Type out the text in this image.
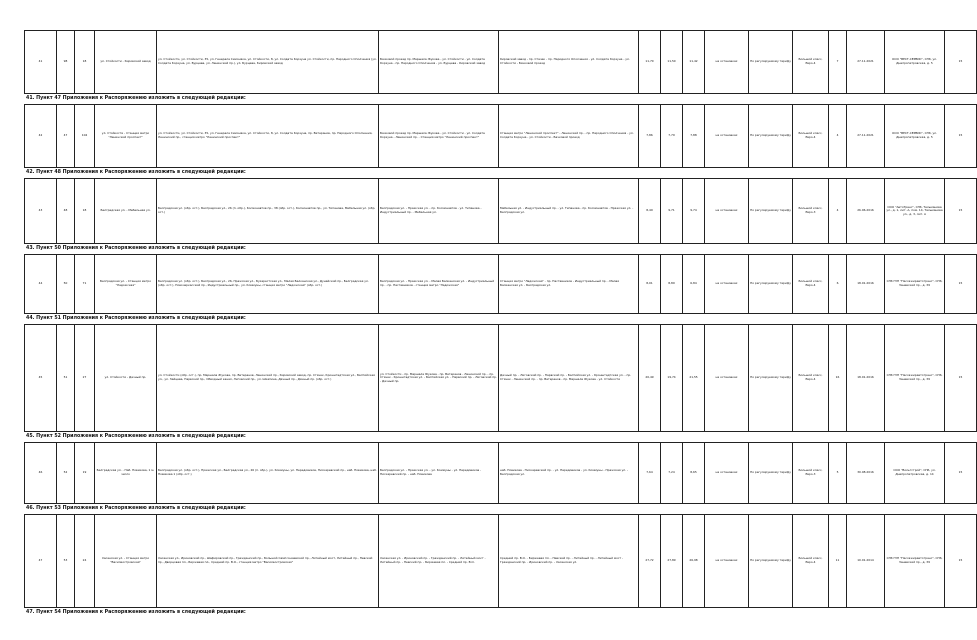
41	98	18	ул. Стойкости - Кировский завод	ул. Стойкости, ул. Стойкости, 35, ул. Генерала Симоняка, ул. Стойкости, 8, ул. Солдата Корзуна ул. Стойкости, пр. Народного Ополчения (ул. Солдата Корзуна, ул. Бурцева, ул. Ленинский пр.), ул. Бурцева, Кировский завод	Бачковой проезд пр. Маршала Жукова - ул. Стойкости - ул. Солдата Корзуна - пр. Народного Ополчения - ул. Бурцева - Кировский завод	Кировский завод - пр. Стачек - пр. Народного Ополчения - ул. Солдата Корзуна - ул. Стойкости - Бачковой проезд	11,70	11,50	11,42	на остановках	По регулируемому тарифу	Большой класс, Евро-4	7	27.11.2021	ООО "ВЕСТ-СЕРВИС", СПб, ул. Днепропетровская, д. 5	15
41. Пункт 47 Приложения к Распоряжению изложить в следующей редакции:
42	47	104	ул. Стойкости - Станция метро "Ленинский проспект"	ул. Стойкости, ул. Стойкости, 35, ул. Генерала Симоняка, ул. Стойкости, 8, ул. Солдата Корзуна, пр. Ветеранов, пр. Народного Ополчения, Ленинский пр., станция метро "Ленинский проспект"	Бачковой проезд пр. Маршала Жукова - ул. Стойкости - ул. Солдата Корзуна - Ленинский пр. - Станция метро "Ленинский проспект"	Станция метро "Ленинский проспект" - Ленинский пр. - пр. Народного Ополчения - ул. Солдата Корзуна - ул. Стойкости - Бачковой проезд	7,86	7,79	7,88	на остановках	По регулируемому тарифу	Большой класс, Евро-4	4	27.11.2021	ООО "ВЕСТ-СЕРВИС", СПб, ул. Днепропетровская, д. 5	15
42. Пункт 48 Приложения к Распоряжению изложить в следующей редакции:
43	48	18	Белградская ул. - Мебельная ул.	Белградская ул. (обр. ост.), Белградская ул., 26 (п. обр.), Космонавтов пр., 38 (обр. ост.), Космонавтов пр., ул. Типанова, Мебельная ул. (обр. ост.)	Белградская ул. - Пражская ул. - пр. Космонавтов - ул. Типанова - Индустриальный пр. - Мебельная ул.	Мебельная ул. - Индустриальный пр. - ул. Типанова - пр. Космонавтов - Пражская ул. - Белградская ул.	8,49	9,71	9,74	на остановках	По регулируемому тарифу	Большой класс, Евро-3	4	26.06.2016	ООО "АвтоТранс", СПб, Тельманова ул., д. 1, лит. А, пом. 14, Тельманова ул., д. 3, лит. А	15
43. Пункт 50 Приложения к Распоряжению изложить в следующей редакции:
44	50	71	Белградская ул. - Станция метро "Ладожская"	Белградская ул. (обр. ост.), Белградская ул., 26, Пражская ул., Бухарестская ул., Малая Балканская ул., Дунайский пр., Белградская ул. (обр. ост.), Новочеркасский пр., Индустриальный пр., ул. Коммуны, станция метро "Ладожская" (обр. ост.)	Белградская ул. - Пражская ул. - Малая Балканская ул. - Индустриальный пр. - пр. Наставников - станция метро "Ладожская"	Станция метро "Ладожская" - пр. Наставников - Индустриальный пр. - Малая Балканская ул. - Белградская ул.	8,01	8,89	6,84	на остановках	По регулируемому тарифу	Большой класс, Евро-4	6	18.01.2016	СПб ГУП "Пассажиравтотранс", СПб, Заневский пр., д. 39	15
44. Пункт 51 Приложения к Распоряжению изложить в следующей редакции:
45	51	27	ул. Стойкости - Дачный пр.	ул. Стойкости (обр. ост.), пр. Маршала Жукова, пр. Ветеранов, Ленинский пр., Кировский завод, пр. Стачек, Кронштадтская ул., Балтийская ул., ул. Зайцева, Нарвский пр., Обводный канал, Лиговский пр., ул. Шкапина, Дачный пр., Дачный пр. (обр. ост.)	ул. Стойкости - пр. Маршала Жукова - пр. Ветеранов - Ленинский пр. - пр. Стачек - Кронштадтская ул. - Балтийская ул. - Нарвский пр. - Лиговский пр. - Дачный пр.	Дачный пр. - Лиговский пр. - Нарвский пр. - Балтийская ул. - Кронштадтская ул. - пр. Стачек - Ленинский пр. - пр. Ветеранов - пр. Маршала Жукова - ул. Стойкости	20,49	19,74	21,55	на остановках	По регулируемому тарифу	Большой класс, Евро-4	16	18.01.2016	СПб ГУП "Пассажиравтотранс", СПб, Заневский пр., д. 39	15
45. Пункт 52 Приложения к Распоряжению изложить в следующей редакции:
46	52	19	Белградская ул. - Наб. Новикова, 1 м. число	Белградская ул. (обр. ост.), Пражская ул., Белградская ул., 26 (п. обр.), ул. Коммуны, ул. Передовиков, Пискаревский пр., наб. Новикова, наб. Новикова 1 (обр. ост.)	Белградская ул. - Пражская ул. - ул. Коммуны - ул. Передовиков - Пискаревский пр. - наб. Новикова	наб. Новикова - Пискаревский пр. - ул. Передовиков - ул. Коммуны - Пражская ул. - Белградская ул.	7,64	7,24	8,65	на остановках	По регулируемому тарифу	Большой класс, Евро-3	5	30.08.2016	ООО "Вольтстрой", СПб, ул. Днепропетровская, д. 14	15
46. Пункт 53 Приложения к Распоряжению изложить в следующей редакции:
47	53	24	Хасанская ул. - Станция метро "Василеостровская"	Хасанская ул., Ириновский пр., Шафировский пр., Гражданский пр., Большой Сампсониевский пр., Литейный мост, Литейный пр., Невский пр., Дворцовая пл., Биржевая пл., Средний пр. В.О., станция метро "Василеостровская"	Хасанская ул. - Ириновский пр. - Гражданский пр. - Литейный мост - Литейный пр. - Невский пр. - Биржевая пл. - Средний пр. В.О.	Средний пр. В.О. - Биржевая пл. - Невский пр. - Литейный пр. - Литейный мост - Гражданский пр. - Ириновский пр. - Хасанская ул.	27,72	27,89	26,98	на остановках	По регулируемому тарифу	Большой класс, Евро-4	11	10.01.2014	СПб ГУП "Пассажиравтотранс", СПб, Заневский пр., д. 39	15
47. Пункт 54 Приложения к Распоряжению изложить в следующей редакции:
